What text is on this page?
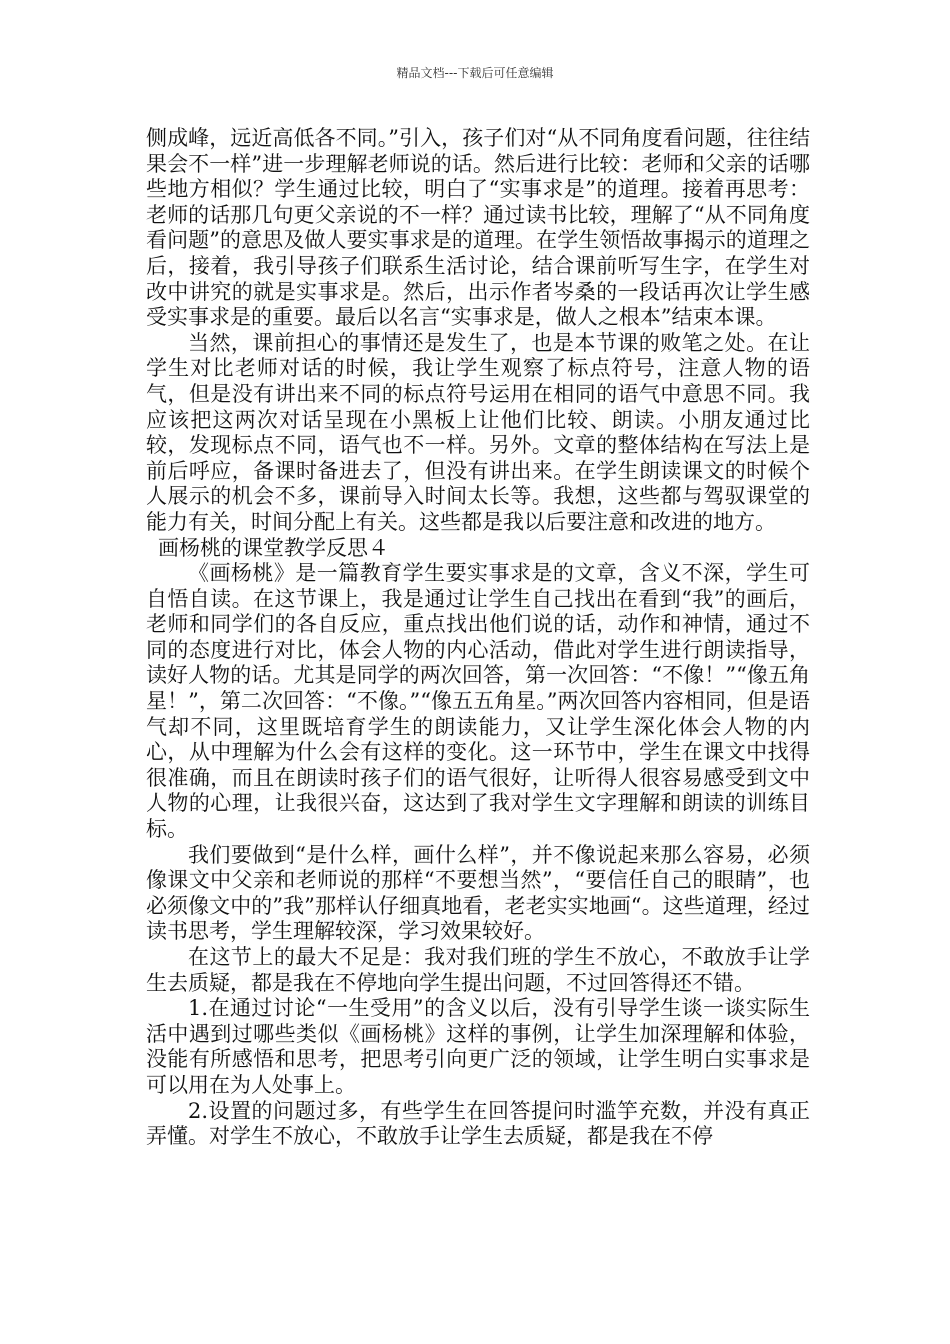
精品文档---下载后可任意编辑

侧成峰，远近高低各不同。”引入，孩子们对“从不同角度看问题，往往结果会不一样”进一步理解老师说的话。然后进行比较：老师和父亲的话哪些地方相似？学生通过比较，明白了“实事求是”的道理。接着再思考：老师的话那几句更父亲说的不一样？通过读书比较，理解了“从不同角度看问题”的意思及做人要实事求是的道理。在学生领悟故事揭示的道理之后，接着，我引导孩子们联系生活讨论，结合课前听写生字，在学生对改中讲究的就是实事求是。然后，出示作者岑桑的一段话再次让学生感受实事求是的重要。最后以名言“实事求是，做人之根本”结束本课。

当然，课前担心的事情还是发生了，也是本节课的败笔之处。在让学生对比老师对话的时候，我让学生观察了标点符号，注意人物的语气，但是没有讲出来不同的标点符号运用在相同的语气中意思不同。我应该把这两次对话呈现在小黑板上让他们比较、朗读。小朋友通过比较，发现标点不同，语气也不一样。另外。文章的整体结构在写法上是前后呼应，备课时备进去了，但没有讲出来。在学生朗读课文的时候个人展示的机会不多，课前导入时间太长等。我想，这些都与驾驭课堂的能力有关，时间分配上有关。这些都是我以后要注意和改进的地方。

画杨桃的课堂教学反思４

《画杨桃》是一篇教育学生要实事求是的文章，含义不深，学生可自悟自读。在这节课上，我是通过让学生自己找出在看到“我”的画后，老师和同学们的各自反应，重点找出他们说的话，动作和神情，通过不同的态度进行对比，体会人物的内心活动，借此对学生进行朗读指导，读好人物的话。尤其是同学的两次回答，第一次回答：“不像！”“像五角星！”，第二次回答：“不像。”“像五五角星。”两次回答内容相同，但是语气却不同，这里既培育学生的朗读能力，又让学生深化体会人物的内心，从中理解为什么会有这样的变化。这一环节中，学生在课文中找得很准确，而且在朗读时孩子们的语气很好，让听得人很容易感受到文中人物的心理，让我很兴奋，这达到了我对学生文字理解和朗读的训练目标。

我们要做到“是什么样，画什么样”，并不像说起来那么容易，必须像课文中父亲和老师说的那样“不要想当然”，“要信任自己的眼睛”，也必须像文中的”我”那样认仔细真地看，老老实实地画“。这些道理，经过读书思考，学生理解较深，学习效果较好。

在这节上的最大不足是：我对我们班的学生不放心，不敢放手让学生去质疑，都是我在不停地向学生提出问题，不过回答得还不错。

1.在通过讨论“一生受用”的含义以后，没有引导学生谈一谈实际生活中遇到过哪些类似《画杨桃》这样的事例，让学生加深理解和体验，没能有所感悟和思考，把思考引向更广泛的领域，让学生明白实事求是可以用在为人处事上。

2.设置的问题过多，有些学生在回答提问时滥竽充数，并没有真正弄懂。对学生不放心，不敢放手让学生去质疑，都是我在不停
